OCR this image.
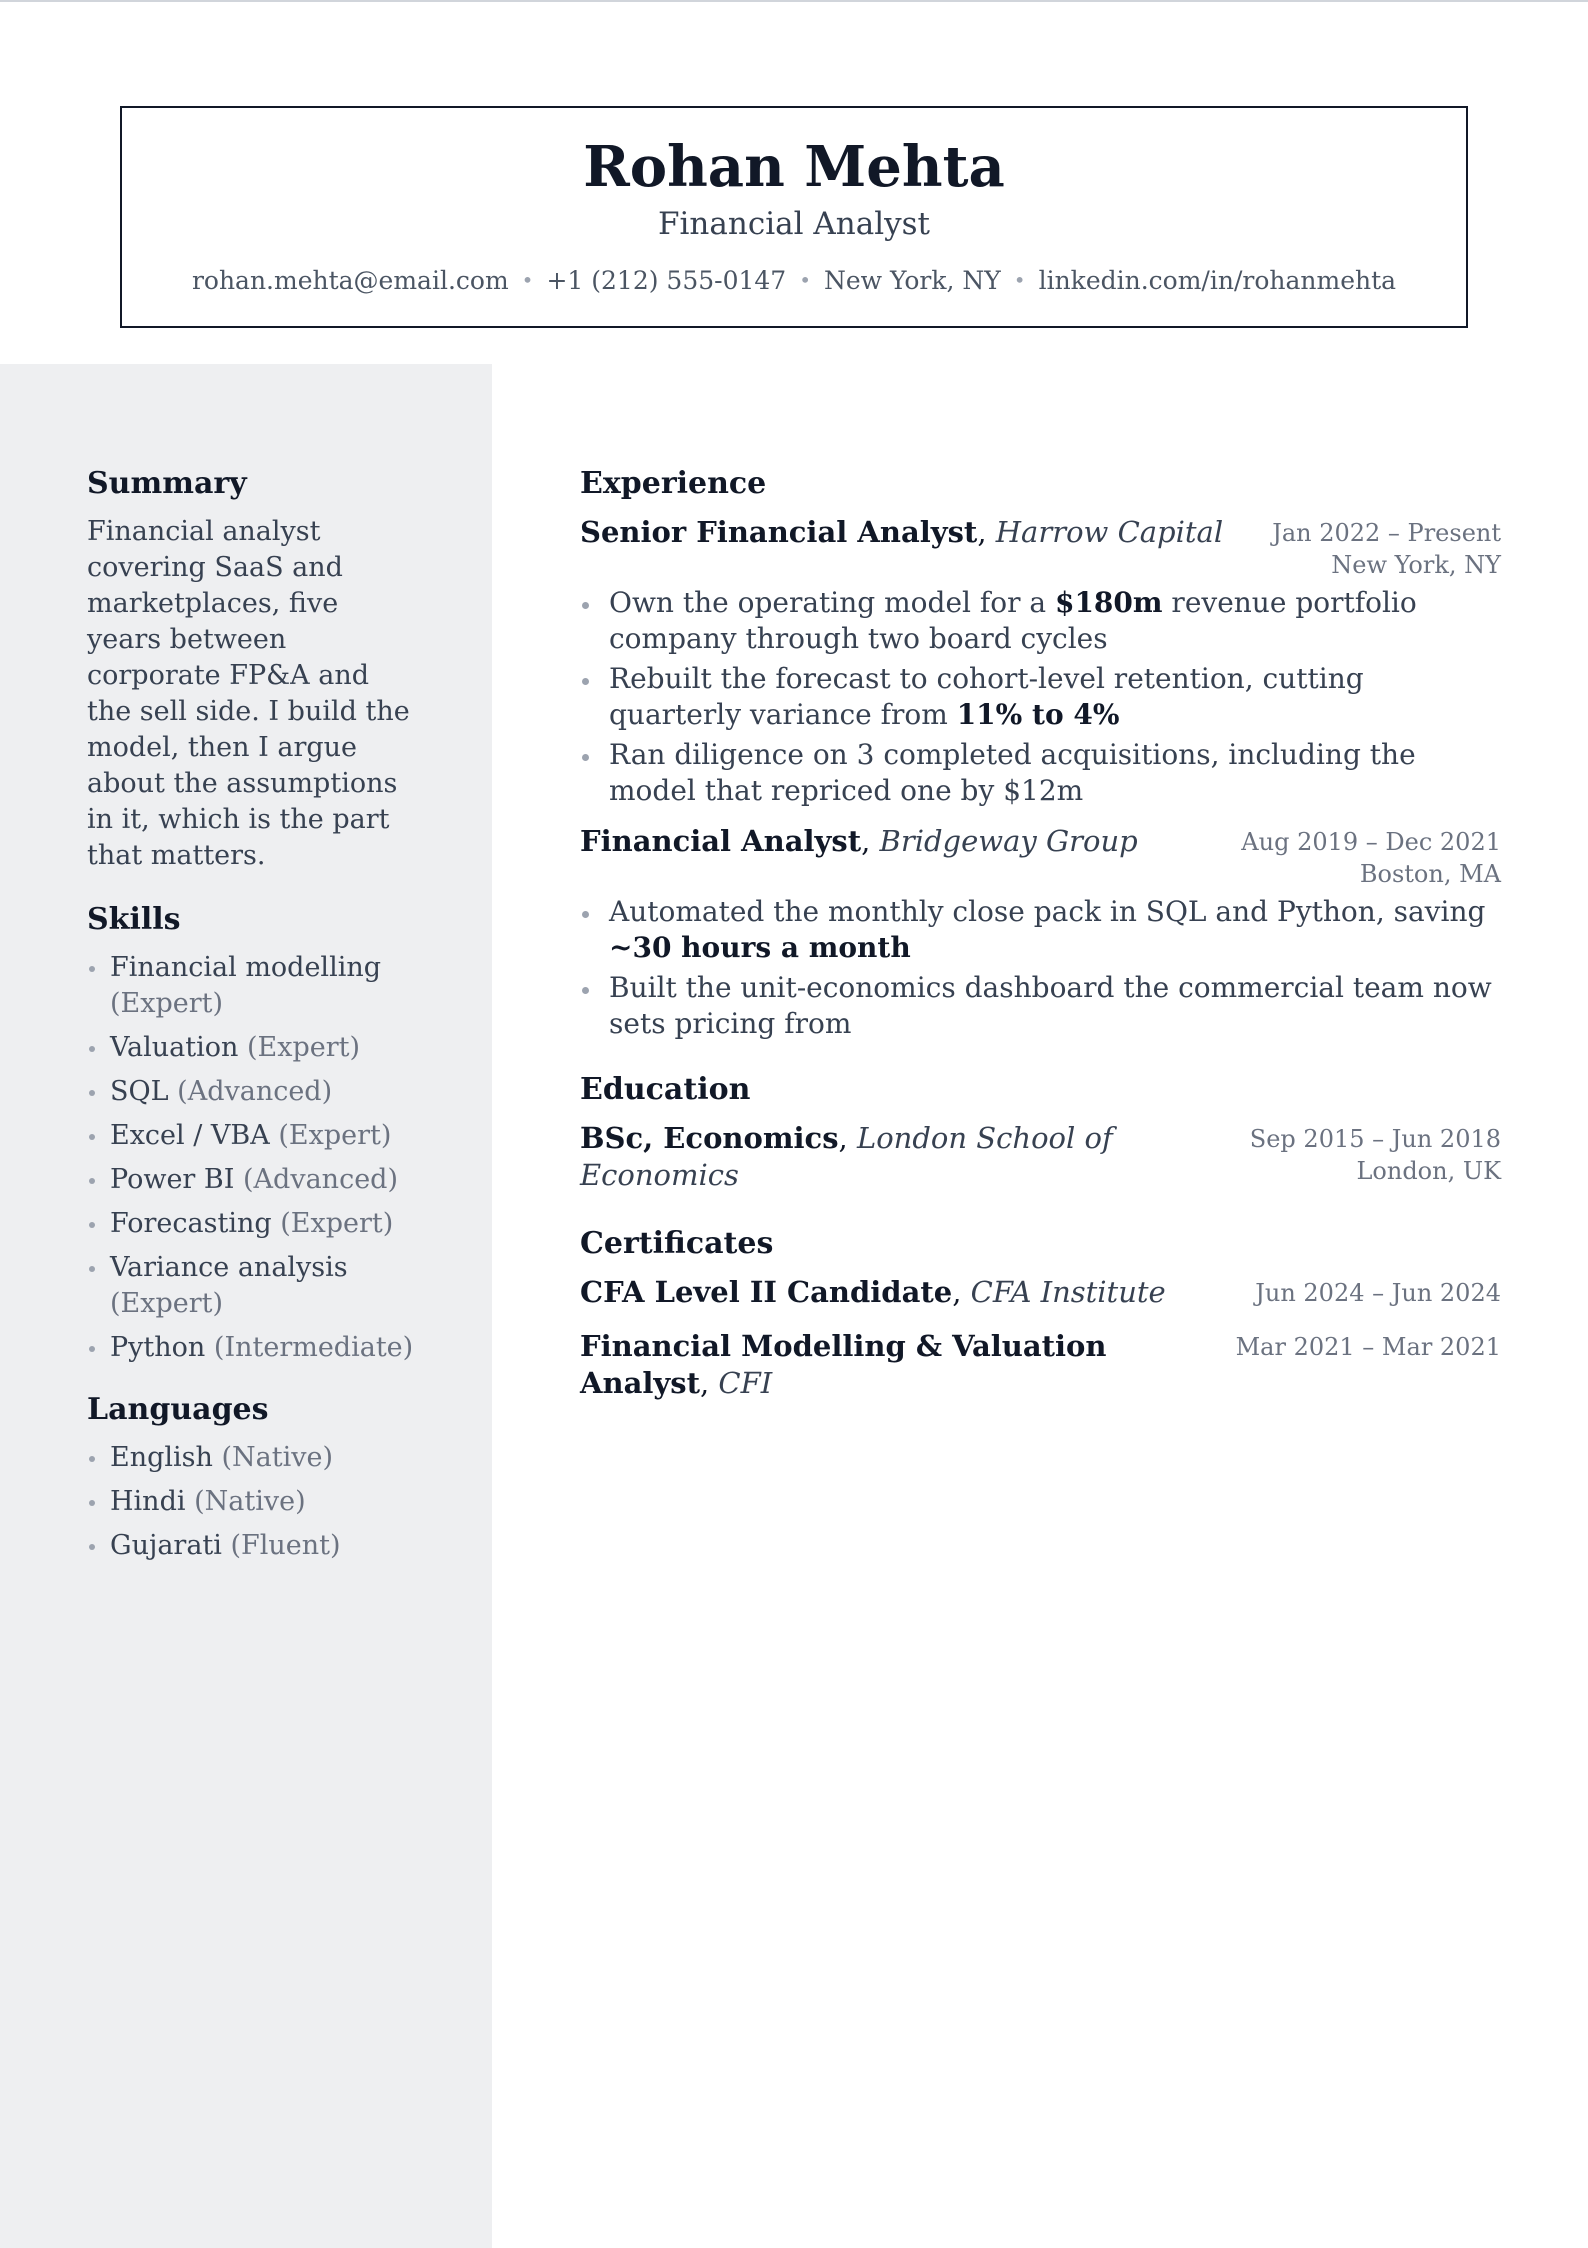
Rohan Mehta
Financial Analyst
rohan.mehta@email.com • +1 (212) 555-0147 • New York, NY • linkedin.com/in/rohanmehta
Summary

Financial analyst covering SaaS and marketplaces, five years between corporate FP&A and the sell side. I build the model, then I argue about the assumptions in it, which is the part that matters.

Skills
Financial modelling (Expert)
Valuation (Expert)
SQL (Advanced)
Excel / VBA (Expert)
Power BI (Advanced)
Forecasting (Expert)
Variance analysis (Expert)
Python (Intermediate)
Languages
English (Native)
Hindi (Native)
Gujarati (Fluent)
Experience
Senior Financial Analyst, Harrow Capital	Jan 2022 – Present
New York, NY
Own the operating model for a $180m revenue portfolio company through two board cycles
Rebuilt the forecast to cohort-level retention, cutting quarterly variance from 11% to 4%
Ran diligence on 3 completed acquisitions, including the model that repriced one by $12m
Financial Analyst, Bridgeway Group	Aug 2019 – Dec 2021
Boston, MA
Automated the monthly close pack in SQL and Python, saving ~30 hours a month
Built the unit-economics dashboard the commercial team now sets pricing from
Education
BSc, Economics, London School of Economics
Sep 2015 – Jun 2018
London, UK
Certificates
CFA Level II Candidate, CFA Institute	Jun 2024 – Jun 2024
Financial Modelling & Valuation Analyst, CFI
Mar 2021 – Mar 2021
